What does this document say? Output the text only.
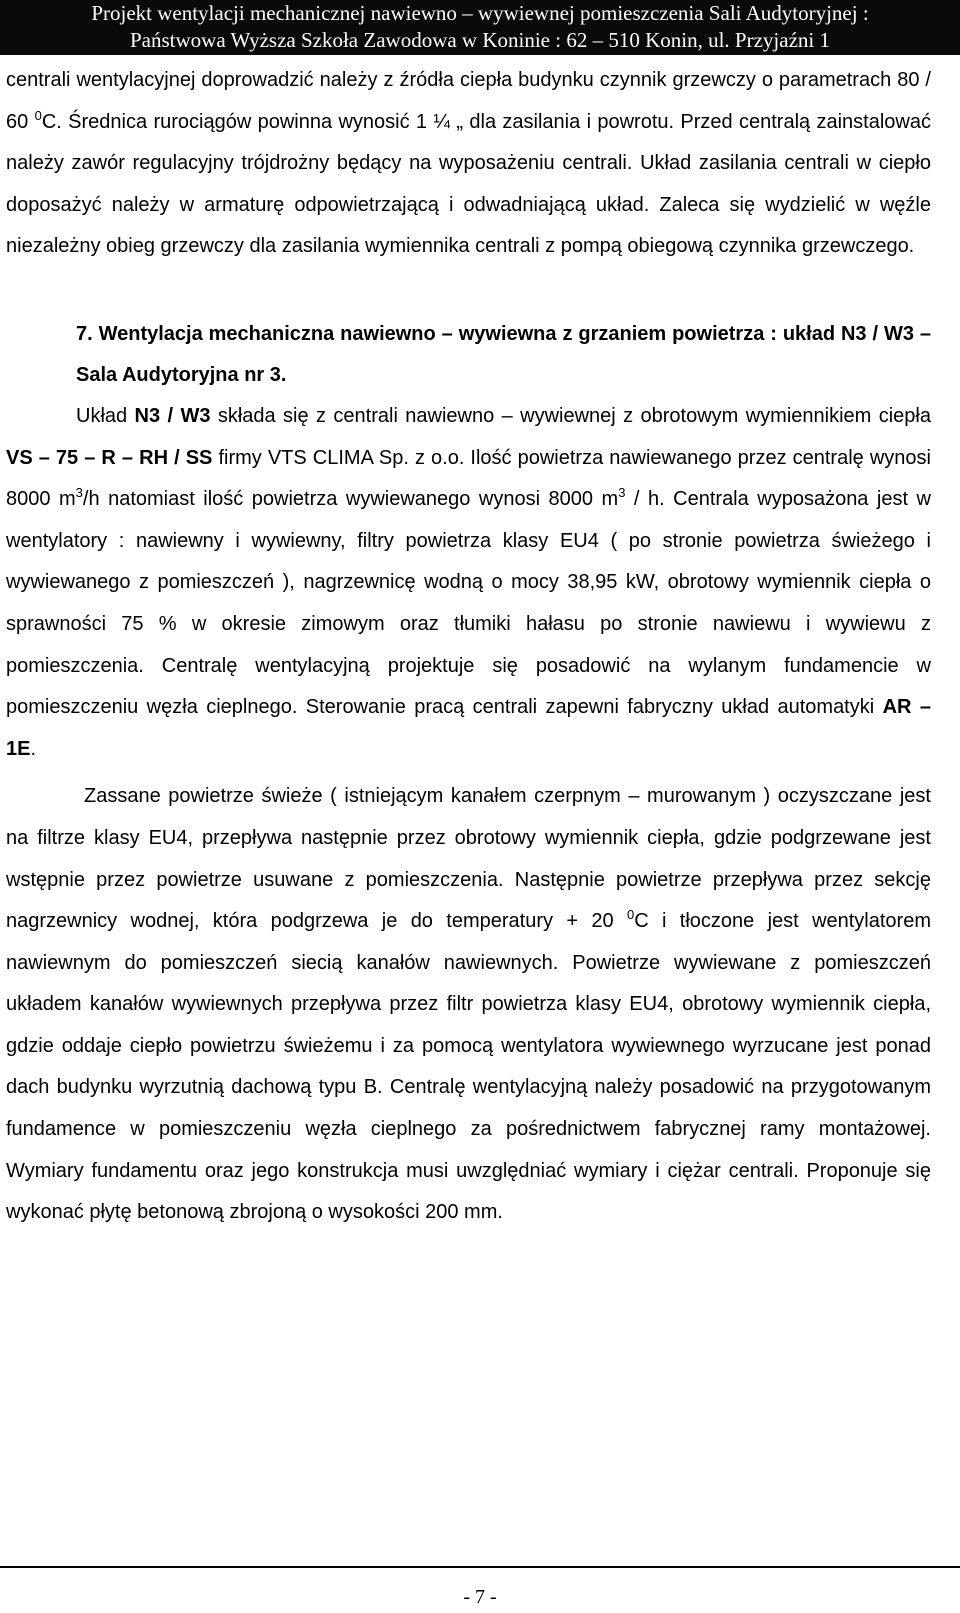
Projekt wentylacji mechanicznej nawiewno – wywiewnej pomieszczenia Sali Audytoryjnej :
Państwowa Wyższa Szkoła Zawodowa w Koninie : 62 – 510 Konin, ul. Przyjaźni 1

centrali wentylacyjnej doprowadzić należy z źródła ciepła budynku czynnik grzewczy o parametrach 80 / 60 $^0$C. Średnica rurociągów powinna wynosić 1 ¼ „ dla zasilania i powrotu. Przed centralą zainstalować należy zawór regulacyjny trójdrożny będący na wyposażeniu centrali. Układ zasilania centrali w ciepło doposażyć należy w armaturę odpowietrzającą i odwadniającą układ. Zaleca się wydzielić w węźle niezależny obieg grzewczy dla zasilania wymiennika centrali z pompą obiegową czynnika grzewczego.

7. Wentylacja mechaniczna nawiewno – wywiewna z grzaniem powietrza : układ N3 / W3 – Sala Audytoryjna nr 3.

Układ N3 / W3 składa się z centrali nawiewno – wywiewnej z obrotowym wymiennikiem ciepła VS – 75 – R – RH / SS firmy VTS CLIMA Sp. z o.o. Ilość powietrza nawiewanego przez centralę wynosi 8000 $m^3/h$ natomiast ilość powietrza wywiewanego wynosi 8000 $m^3$ / h. Centrala wyposażona jest w wentylatory : nawiewny i wywiewny, filtry powietrza klasy EU4 ( po stronie powietrza świeżego i wywiewanego z pomieszczeń ), nagrzewnicę wodną o mocy 38,95 kW, obrotowy wymiennik ciepła o sprawności 75 % w okresie zimowym oraz tłumiki hałasu po stronie nawiewu i wywiewu z pomieszczenia. Centralę wentylacyjną projektuje się posadowić na wylanym fundamencie w pomieszczeniu węzła cieplnego. Sterowanie pracą centrali zapewni fabryczny układ automatyki AR – 1E.

Zassane powietrze świeże ( istniejącym kanałem czerpnym – murowanym ) oczyszczane jest na filtrze klasy EU4, przepływa następnie przez obrotowy wymiennik ciepła, gdzie podgrzewane jest wstępnie przez powietrze usuwane z pomieszczenia. Następnie powietrze przepływa przez sekcję nagrzewnicy wodnej, która podgrzewa je do temperatury + 20 $^0$C i tłoczone jest wentylatorem nawiewnym do pomieszczeń siecią kanałów nawiewnych. Powietrze wywiewane z pomieszczeń układem kanałów wywiewnych przepływa przez filtr powietrza klasy EU4, obrotowy wymiennik ciepła, gdzie oddaje ciepło powietrzu świeżemu i za pomocą wentylatora wywiewnego wyrzucane jest ponad dach budynku wyrzutnią dachową typu B. Centralę wentylacyjną należy posadowić na przygotowanym fundamence w pomieszczeniu węzła cieplnego za pośrednictwem fabrycznej ramy montażowej. Wymiary fundamentu oraz jego konstrukcja musi uwzględniać wymiary i ciężar centrali. Proponuje się wykonać płytę betonową zbrojoną o wysokości 200 mm.

- 7 -
